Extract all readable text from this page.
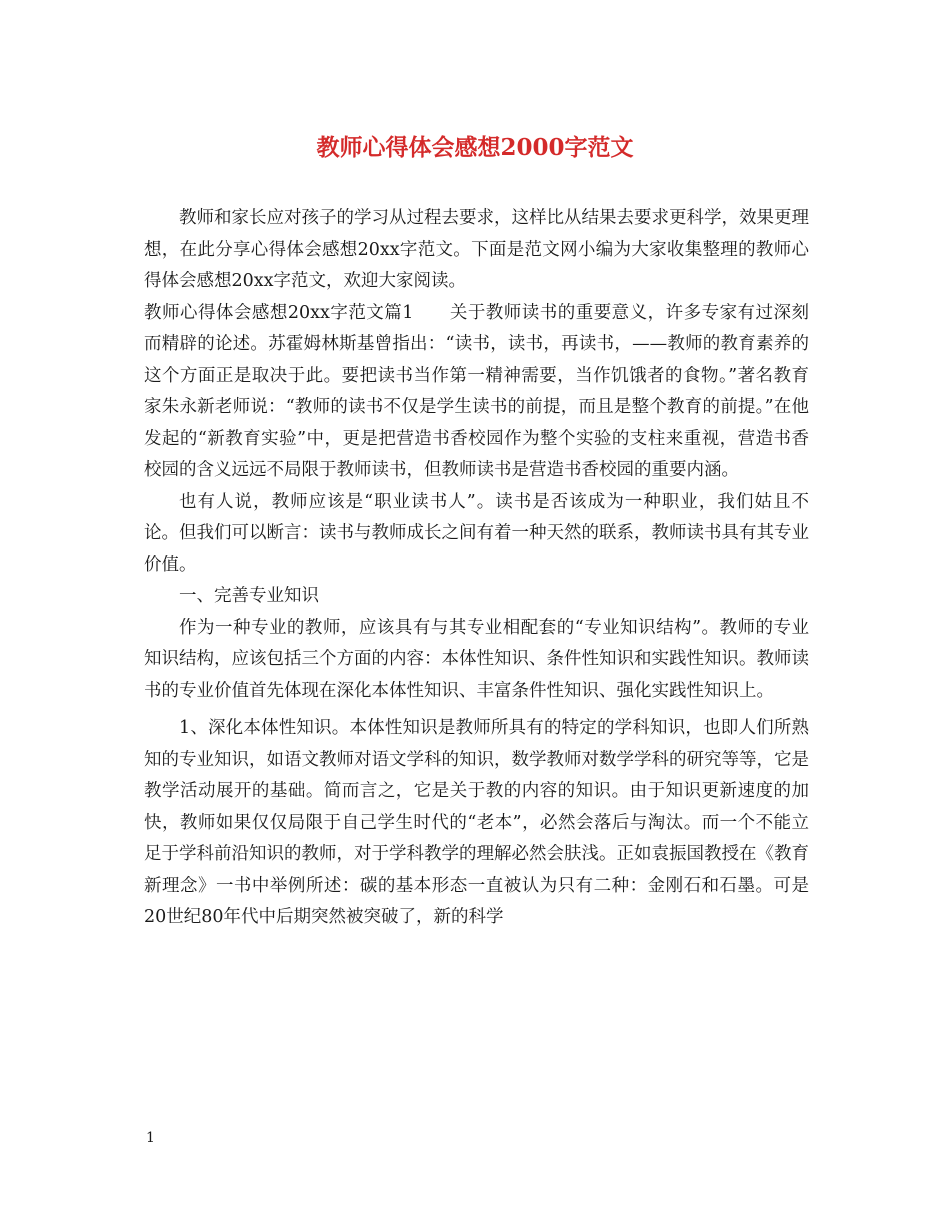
教师心得体会感想2000字范文

教师和家长应对孩子的学习从过程去要求，这样比从结果去要求更科学，效果更理想，在此分享心得体会感想20xx字范文。下面是范文网小编为大家收集整理的教师心得体会感想20xx字范文，欢迎大家阅读。

教师心得体会感想20xx字范文篇1　　关于教师读书的重要意义，许多专家有过深刻而精辟的论述。苏霍姆林斯基曾指出：“读书，读书，再读书，——教师的教育素养的这个方面正是取决于此。要把读书当作第一精神需要，当作饥饿者的食物。”著名教育家朱永新老师说：“教师的读书不仅是学生读书的前提，而且是整个教育的前提。”在他发起的“新教育实验”中，更是把营造书香校园作为整个实验的支柱来重视，营造书香校园的含义远远不局限于教师读书，但教师读书是营造书香校园的重要内涵。

也有人说，教师应该是“职业读书人”。读书是否该成为一种职业，我们姑且不论。但我们可以断言：读书与教师成长之间有着一种天然的联系，教师读书具有其专业价值。

一、完善专业知识

作为一种专业的教师，应该具有与其专业相配套的“专业知识结构”。教师的专业知识结构，应该包括三个方面的内容：本体性知识、条件性知识和实践性知识。教师读书的专业价值首先体现在深化本体性知识、丰富条件性知识、强化实践性知识上。

1、深化本体性知识。本体性知识是教师所具有的特定的学科知识，也即人们所熟知的专业知识，如语文教师对语文学科的知识，数学教师对数学学科的研究等等，它是教学活动展开的基础。简而言之，它是关于教的内容的知识。由于知识更新速度的加快，教师如果仅仅局限于自己学生时代的“老本”，必然会落后与淘汰。而一个不能立足于学科前沿知识的教师，对于学科教学的理解必然会肤浅。正如袁振国教授在《教育新理念》一书中举例所述：碳的基本形态一直被认为只有二种：金刚石和石墨。可是20世纪80年代中后期突然被突破了，新的科学

1
